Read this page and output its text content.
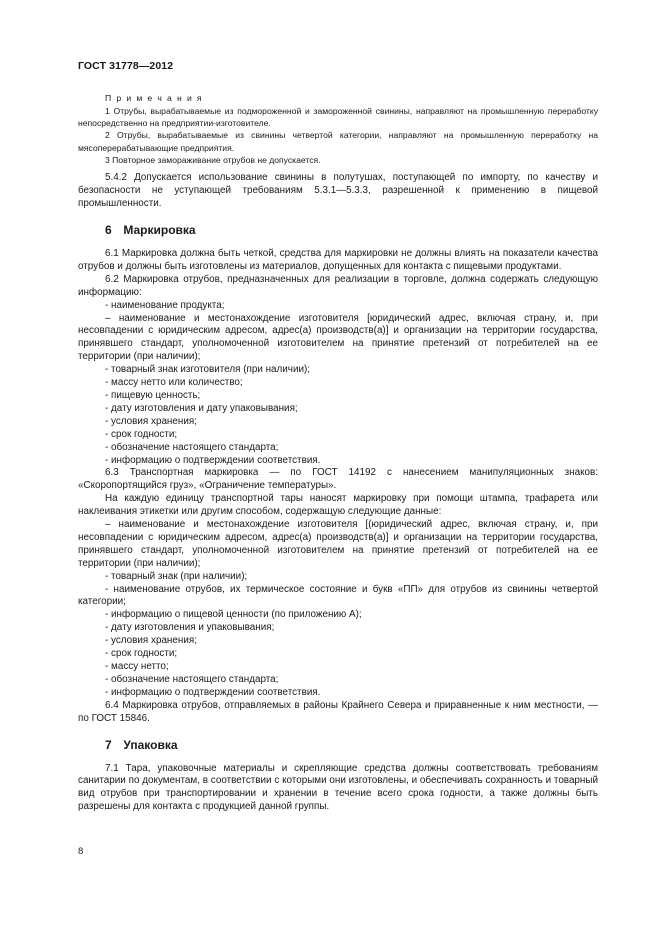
ГОСТ 31778—2012
П р и м е ч а н и я

1 Отрубы, вырабатываемые из подмороженной и замороженной свинины, направляют на промышленную переработку непосредственно на предприятии-изготовителе.

2 Отрубы, вырабатываемые из свинины четвертой категории, направляют на промышленную переработку на мясоперерабатывающие предприятия.

3 Повторное замораживание отрубов не допускается.

5.4.2 Допускается использование свинины в полутушах, поступающей по импорту, по качеству и безопасности не уступающей требованиям 5.3.1—5.3.3, разрешенной к применению в пищевой промышленности.

6 Маркировка

6.1 Маркировка должна быть четкой, средства для маркировки не должны влиять на показатели качества отрубов и должны быть изготовлены из материалов, допущенных для контакта с пищевыми продуктами.

6.2 Маркировка отрубов, предназначенных для реализации в торговле, должна содержать следующую информацию:

- наименование продукта;

– наименование и местонахождение изготовителя [юридический адрес, включая страну, и, при несовпадении с юридическим адресом, адрес(а) производств(а)] и организации на территории государства, принявшего стандарт, уполномоченной изготовителем на принятие претензий от потребителей на ее территории (при наличии);

- товарный знак изготовителя (при наличии);

- массу нетто или количество;

- пищевую ценность;

- дату изготовления и дату упаковывания;

- условия хранения;

- срок годности;

- обозначение настоящего стандарта;

- информацию о подтверждении соответствия.

6.3 Транспортная маркировка — по ГОСТ 14192 с нанесением манипуляционных знаков: «Скоропортящийся груз», «Ограничение температуры».

На каждую единицу транспортной тары наносят маркировку при помощи штампа, трафарета или наклеивания этикетки или другим способом, содержащую следующие данные:

– наименование и местонахождение изготовителя [(юридический адрес, включая страну, и, при несовпадении с юридическим адресом, адрес(а) производств(а)] и организации на территории государства, принявшего стандарт, уполномоченной изготовителем на принятие претензий от потребителей на ее территории (при наличии);

- товарный знак (при наличии);

- наименование отрубов, их термическое состояние и букв «ПП» для отрубов из свинины четвертой категории;

- информацию о пищевой ценности (по приложению А);

- дату изготовления и упаковывания;

- условия хранения;

- срок годности;

- массу нетто;

- обозначение настоящего стандарта;

- информацию о подтверждении соответствия.

6.4 Маркировка отрубов, отправляемых в районы Крайнего Севера и приравненные к ним местности, — по ГОСТ 15846.

7 Упаковка

7.1 Тара, упаковочные материалы и скрепляющие средства должны соответствовать требованиям санитарии по документам, в соответствии с которыми они изготовлены, и обеспечивать сохранность и товарный вид отрубов при транспортировании и хранении в течение всего срока годности, а также должны быть разрешены для контакта с продукцией данной группы.

8
